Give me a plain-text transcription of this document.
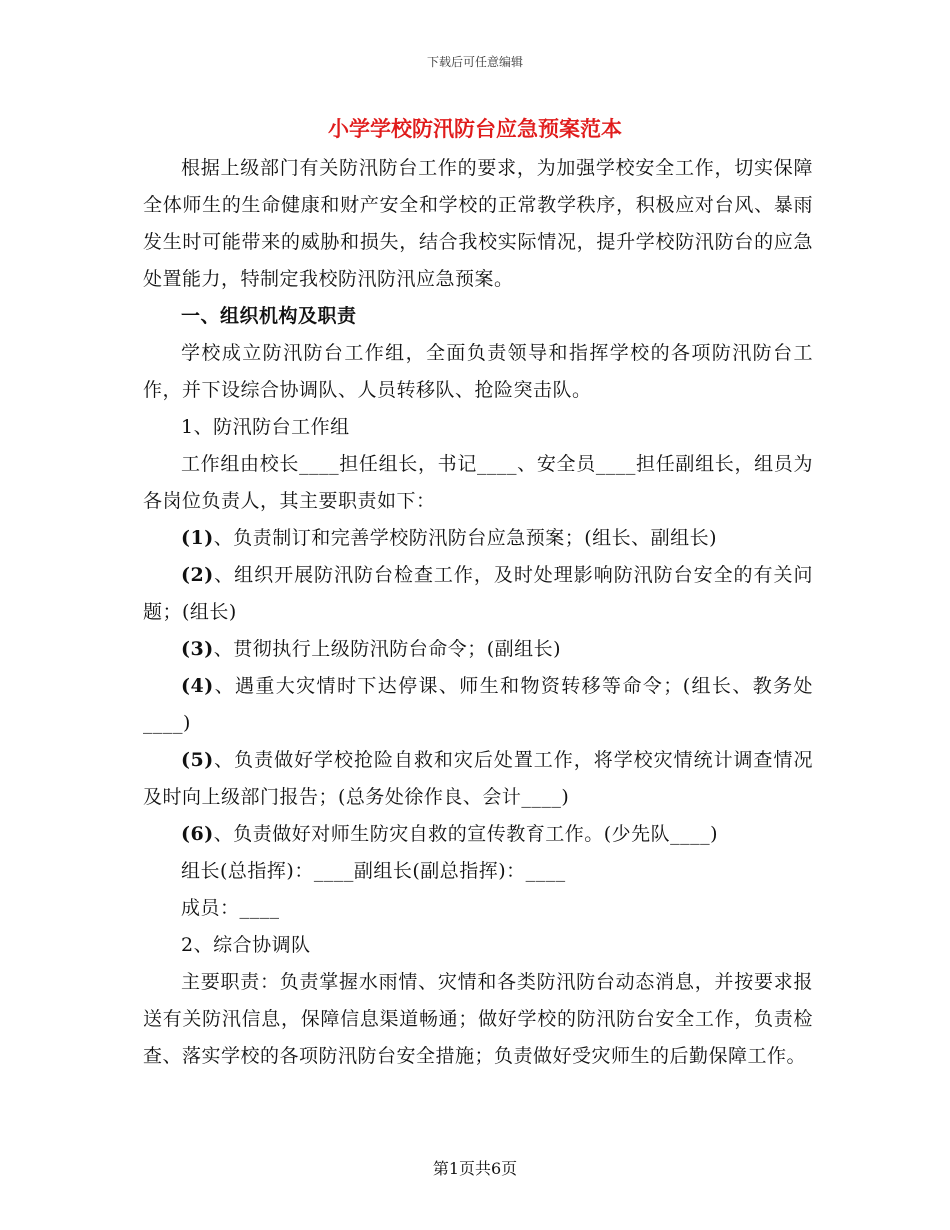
下载后可任意编辑
小学学校防汛防台应急预案范本

根据上级部门有关防汛防台工作的要求，为加强学校安全工作，切实保障全体师生的生命健康和财产安全和学校的正常教学秩序，积极应对台风、暴雨发生时可能带来的威胁和损失，结合我校实际情况，提升学校防汛防台的应急处置能力，特制定我校防汛防汛应急预案。

一、组织机构及职责

学校成立防汛防台工作组，全面负责领导和指挥学校的各项防汛防台工作，并下设综合协调队、人员转移队、抢险突击队。

1、防汛防台工作组

工作组由校长____担任组长，书记____、安全员____担任副组长，组员为各岗位负责人，其主要职责如下：

(1)、负责制订和完善学校防汛防台应急预案；(组长、副组长)

(2)、组织开展防汛防台检查工作，及时处理影响防汛防台安全的有关问题；(组长)

(3)、贯彻执行上级防汛防台命令；(副组长)

(4)、遇重大灾情时下达停课、师生和物资转移等命令；(组长、教务处____)

(5)、负责做好学校抢险自救和灾后处置工作，将学校灾情统计调查情况及时向上级部门报告；(总务处徐作良、会计____)

(6)、负责做好对师生防灾自救的宣传教育工作。(少先队____)

组长(总指挥)：____副组长(副总指挥)：____

成员：____

2、综合协调队

主要职责：负责掌握水雨情、灾情和各类防汛防台动态消息，并按要求报送有关防汛信息，保障信息渠道畅通；做好学校的防汛防台安全工作，负责检查、落实学校的各项防汛防台安全措施；负责做好受灾师生的后勤保障工作。

第1页共6页
